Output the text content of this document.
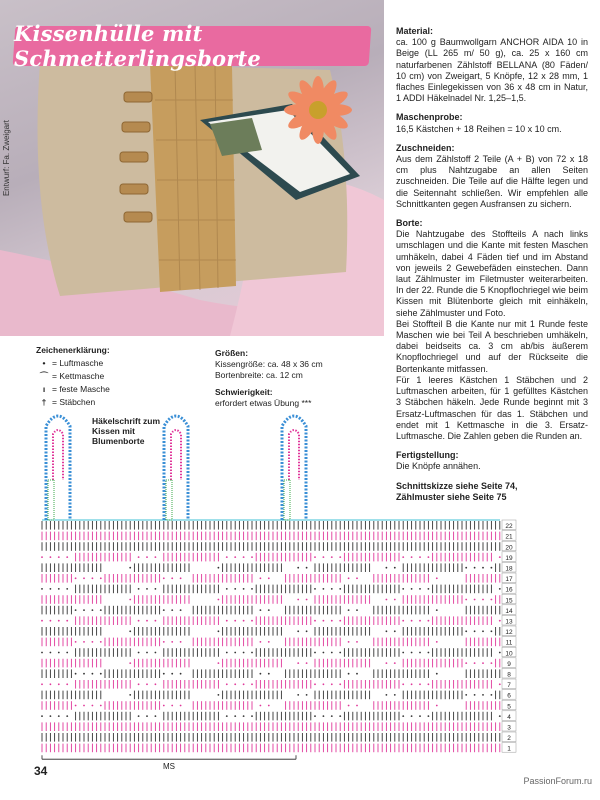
Kissenhülle mit Schmetterlingsborte
Entwurf: Fa. Zweigart
Material:
ca. 100 g Baumwollgarn ANCHOR AIDA 10 in Beige (LL 265 m/ 50 g), ca. 25 x 160 cm naturfarbenen Zählstoff BELLANA (80 Fäden/ 10 cm) von Zweigart, 5 Knöpfe, 12 x 28 mm, 1 flaches Einlegekissen von 36 x 48 cm in Natur, 1 ADDI Häkelnadel Nr. 1,25–1,5.
Maschenprobe:
16,5 Kästchen + 18 Reihen = 10 x 10 cm.
Zuschneiden:
Aus dem Zählstoff 2 Teile (A + B) von 72 x 18 cm plus Nahtzugabe an allen Seiten zuschneiden. Die Teile auf die Hälfte legen und die Seitennaht schließen. Wir empfehlen alle Schnittkanten gegen Ausfransen zu sichern.
Borte:
Die Nahtzugabe des Stoffteils A nach links umschlagen und die Kante mit festen Maschen umhäkeln, dabei 4 Fäden tief und im Abstand von jeweils 2 Gewebefäden einstechen. Dann laut Zählmuster im Filetmuster weiterarbeiten. In der 22. Runde die 5 Knopflochriegel wie beim Kissen mit Blütenborte gleich mit einhäkeln, siehe Zählmuster und Foto.
Bei Stoffteil B die Kante nur mit 1 Runde feste Maschen wie bei Teil A beschrieben umhäkeln, dabei beidseits ca. 3 cm ab/bis äußerem Knopflochriegel und auf der Rückseite die Bortenkante mitfassen.
Für 1 leeres Kästchen 1 Stäbchen und 2 Luftmaschen arbeiten, für 1 gefülltes Kästchen 3 Stäbchen häkeln. Jede Runde beginnt mit 3 Ersatz-Luftmaschen für das 1. Stäbchen und endet mit 1 Kettmasche in die 3. Ersatz-Luftmasche. Die Zahlen geben die Runden an.
Fertigstellung:
Die Knöpfe annähen.
Schnittskizze siehe Seite 74,
Zählmuster siehe Seite 75
Zeichenerklärung:
• = Luftmasche
⌒ = Kettmasche
ı = feste Masche
† = Stäbchen
Größen:
Kissengröße: ca. 48 x 36 cm
Bortenbreite: ca. 12 cm
Schwierigkeit:
erfordert etwas Übung ***
22
21
20
19
18
17
16
15
14
13
12
11
10
9
8
7
6
5
4
3
2
1
MS
Häkelschrift zum Kissen mit Blumenborte
34
PassionForum.ru
